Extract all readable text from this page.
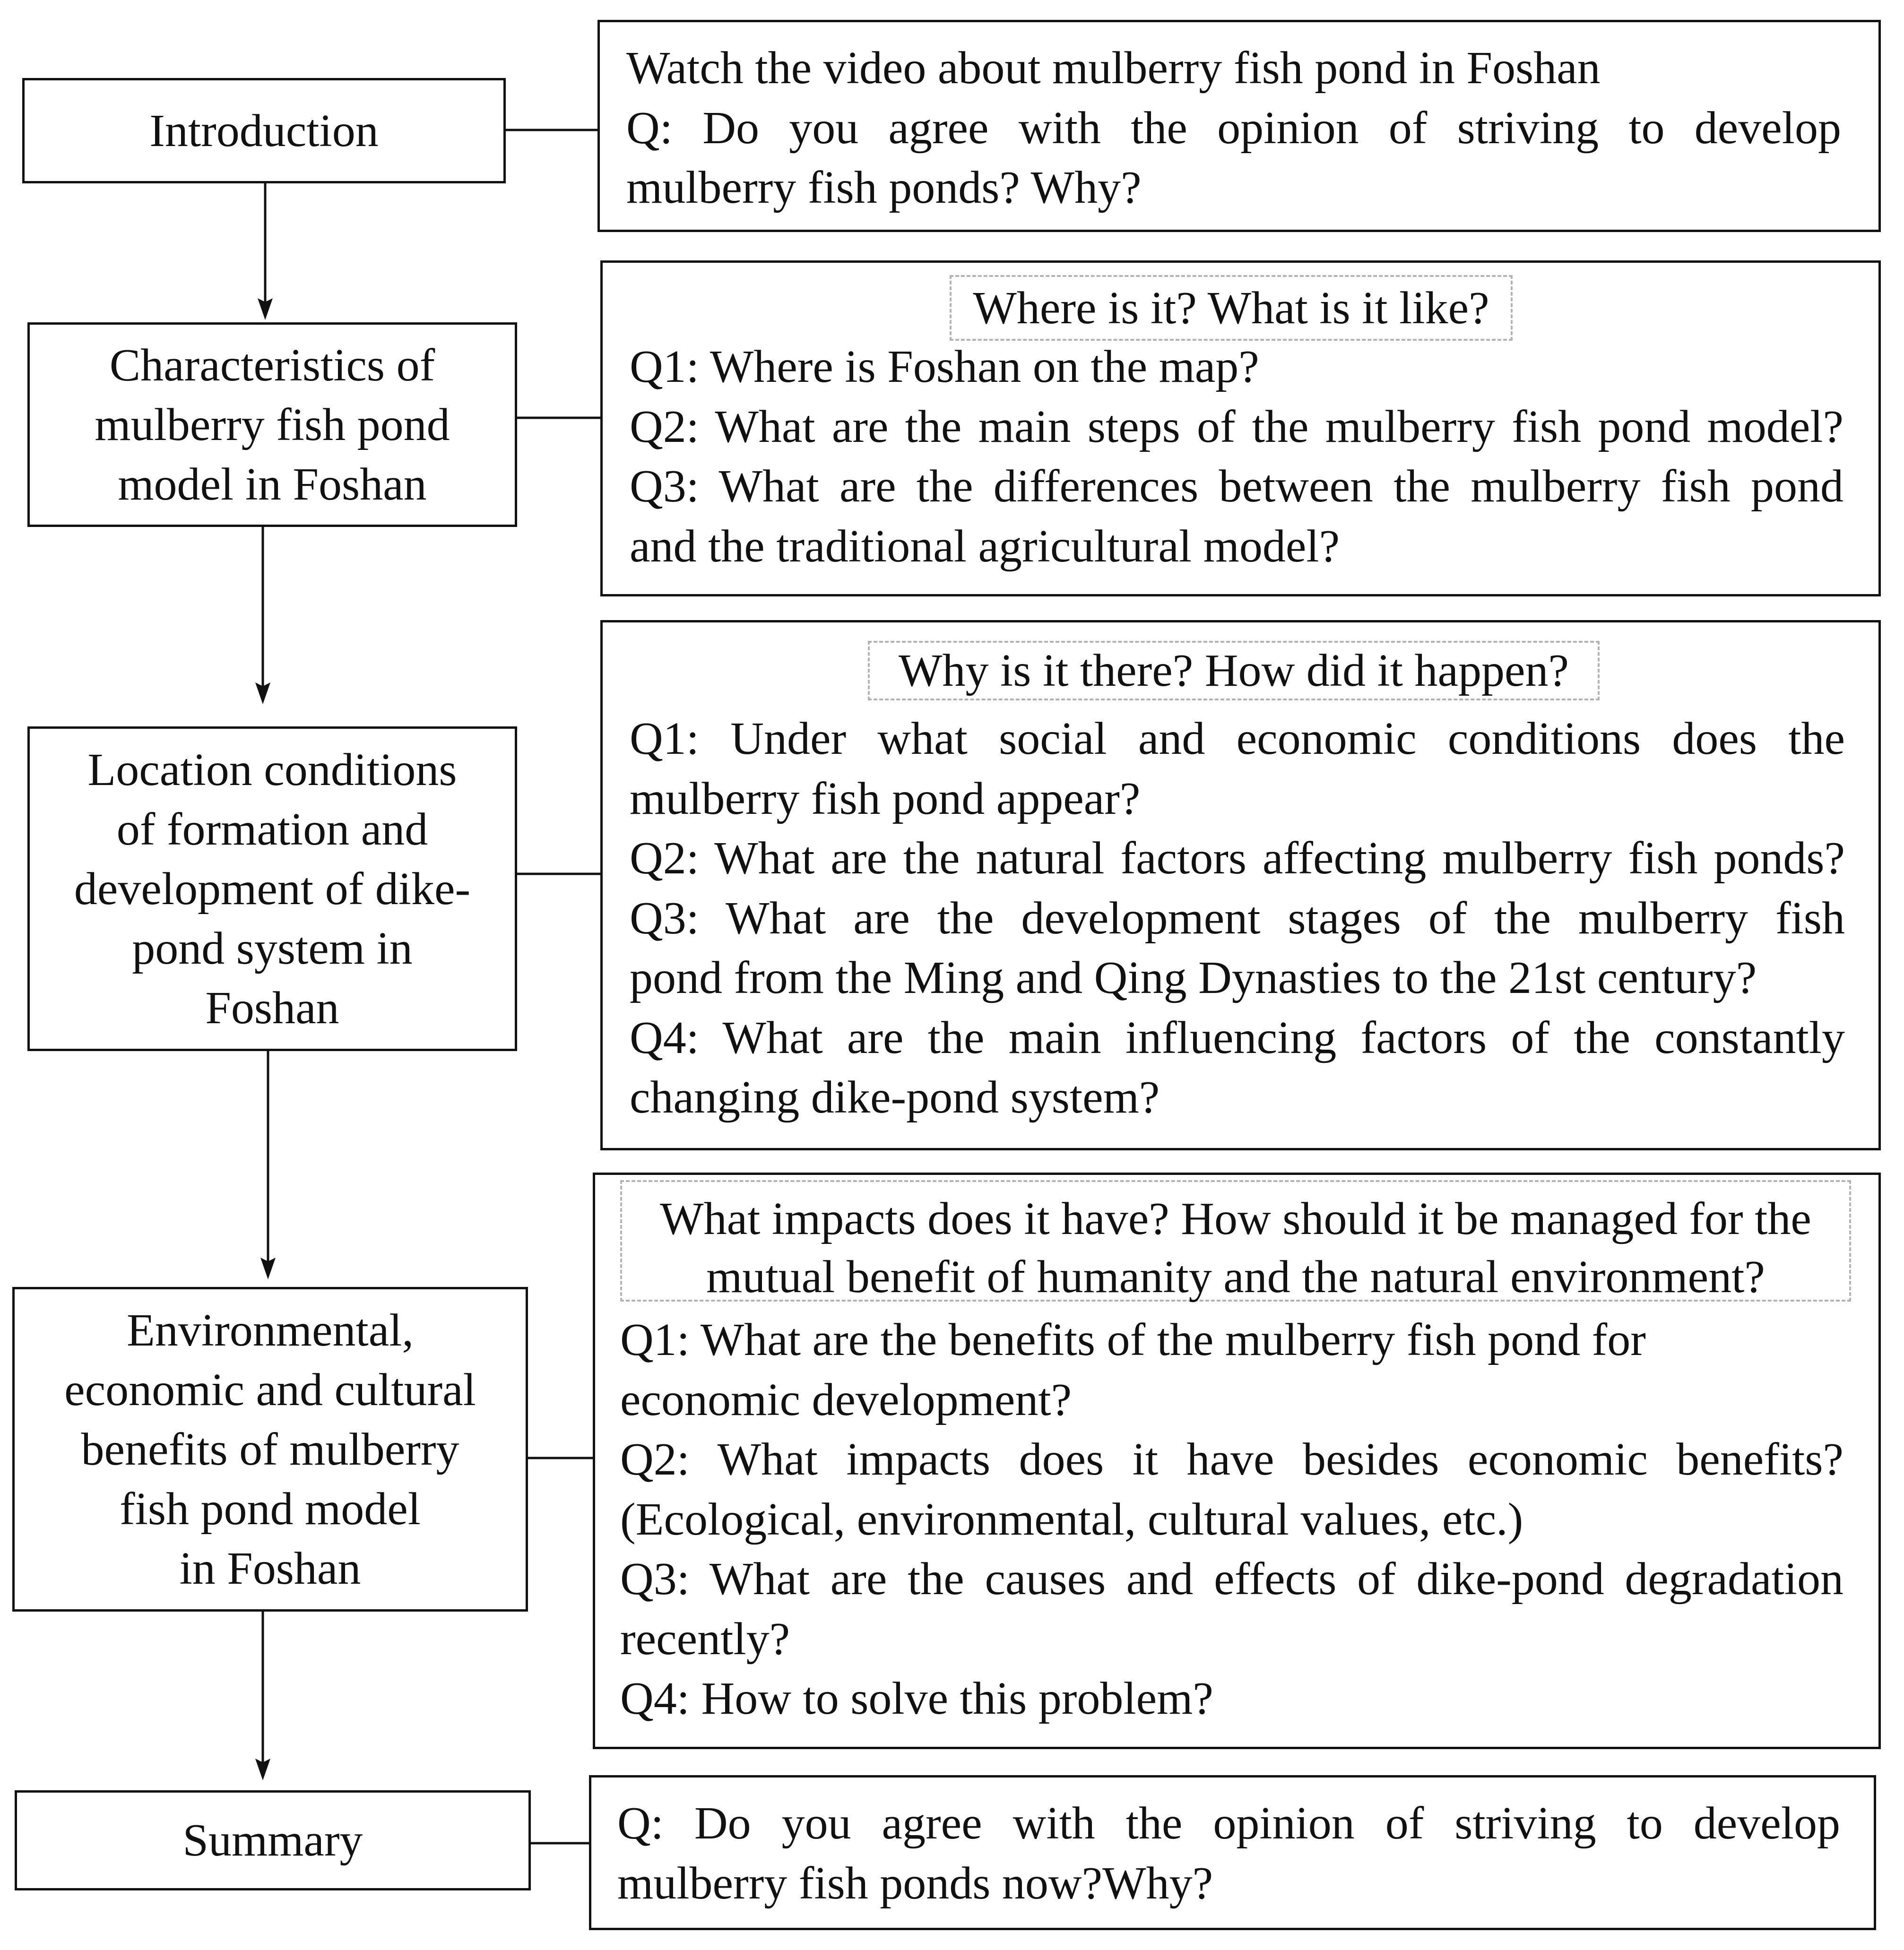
Introduction
Characteristics of
mulberry fish pond
model in Foshan
Location conditions
of formation and
development of dike-
pond system in
Foshan
Environmental,
economic and cultural
benefits of mulberry
fish pond model
in Foshan
Summary
Watch the video about mulberry fish pond in Foshan
Q: Do you agree with the opinion of striving to develop
mulberry fish ponds? Why?
Where is it? What is it like?
Q1: Where is Foshan on the map?
Q2: What are the main steps of the mulberry fish pond model?
Q3: What are the differences between the mulberry fish pond
and the traditional agricultural model?
Why is it there? How did it happen?
Q1: Under what social and economic conditions does the
mulberry fish pond appear?
Q2: What are the natural factors affecting mulberry fish ponds?
Q3: What are the development stages of the mulberry fish
pond from the Ming and Qing Dynasties to the 21st century?
Q4: What are the main influencing factors of the constantly
changing dike-pond system?
What impacts does it have? How should it be managed for the
mutual benefit of humanity and the natural environment?
Q1: What are the benefits of the mulberry fish pond for
economic development?
Q2: What impacts does it have besides economic benefits?
(Ecological, environmental, cultural values, etc.)
Q3: What are the causes and effects of dike-pond degradation
recently?
Q4: How to solve this problem?
Q: Do you agree with the opinion of striving to develop
mulberry fish ponds now?Why?
